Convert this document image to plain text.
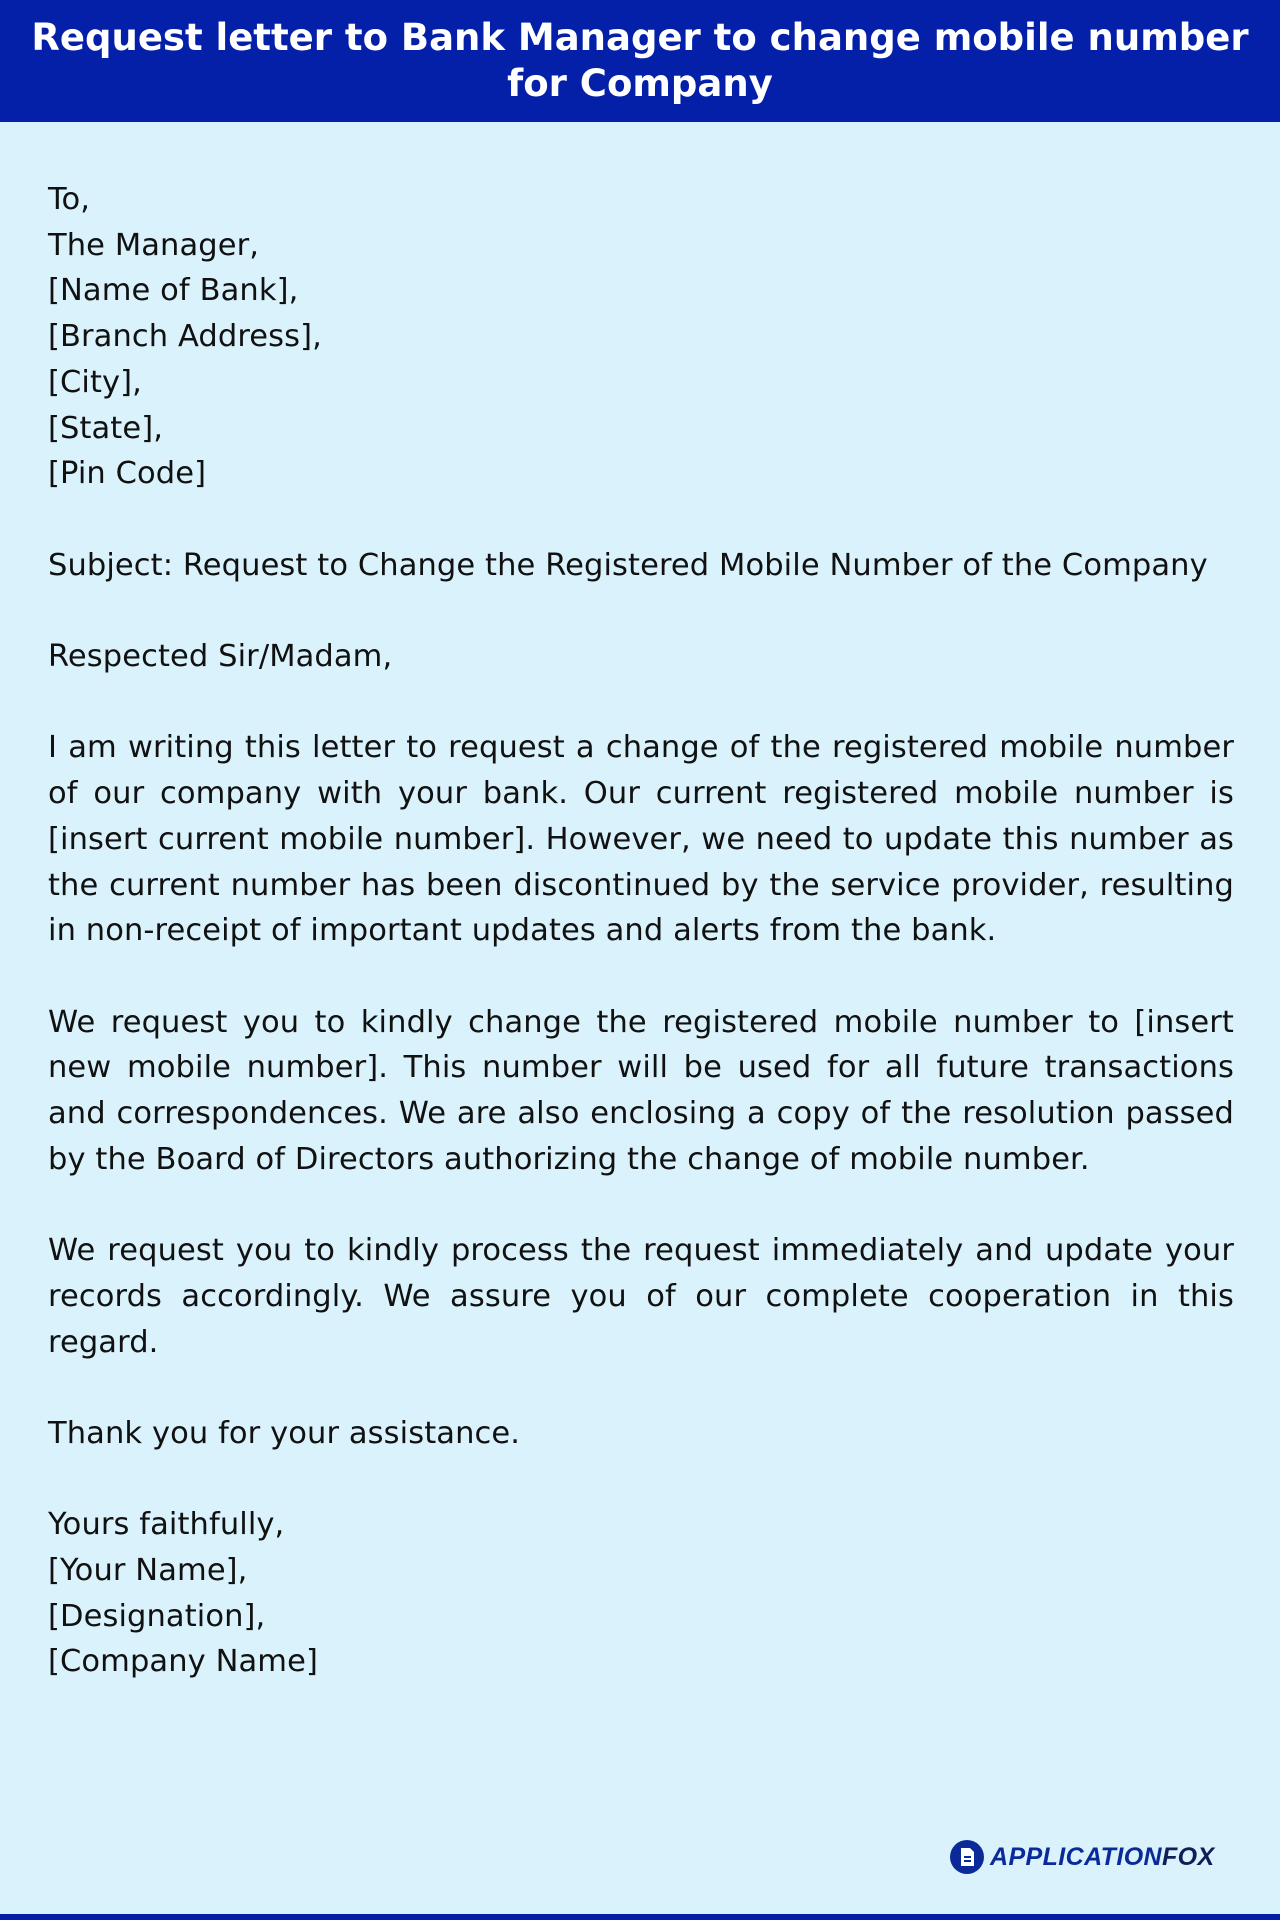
Request letter to Bank Manager to change mobile number for Company
To,
The Manager,
[Name of Bank],
[Branch Address],
[City],
[State],
[Pin Code]

Subject: Request to Change the Registered Mobile Number of the Company

Respected Sir/Madam,

I am writing this letter to request a change of the registered mobile number of our company with your bank. Our current registered mobile number is [insert current mobile number]. However, we need to update this number as the current number has been discontinued by the service provider, resulting in non-receipt of important updates and alerts from the bank.

We request you to kindly change the registered mobile number to [insert new mobile number]. This number will be used for all future transactions and correspondences. We are also enclosing a copy of the resolution passed by the Board of Directors authorizing the change of mobile number.

We request you to kindly process the request immediately and update your records accordingly. We assure you of our complete cooperation in this regard.

Thank you for your assistance.

Yours faithfully,
[Your Name],
[Designation],
[Company Name]
APPLICATIONFOX
